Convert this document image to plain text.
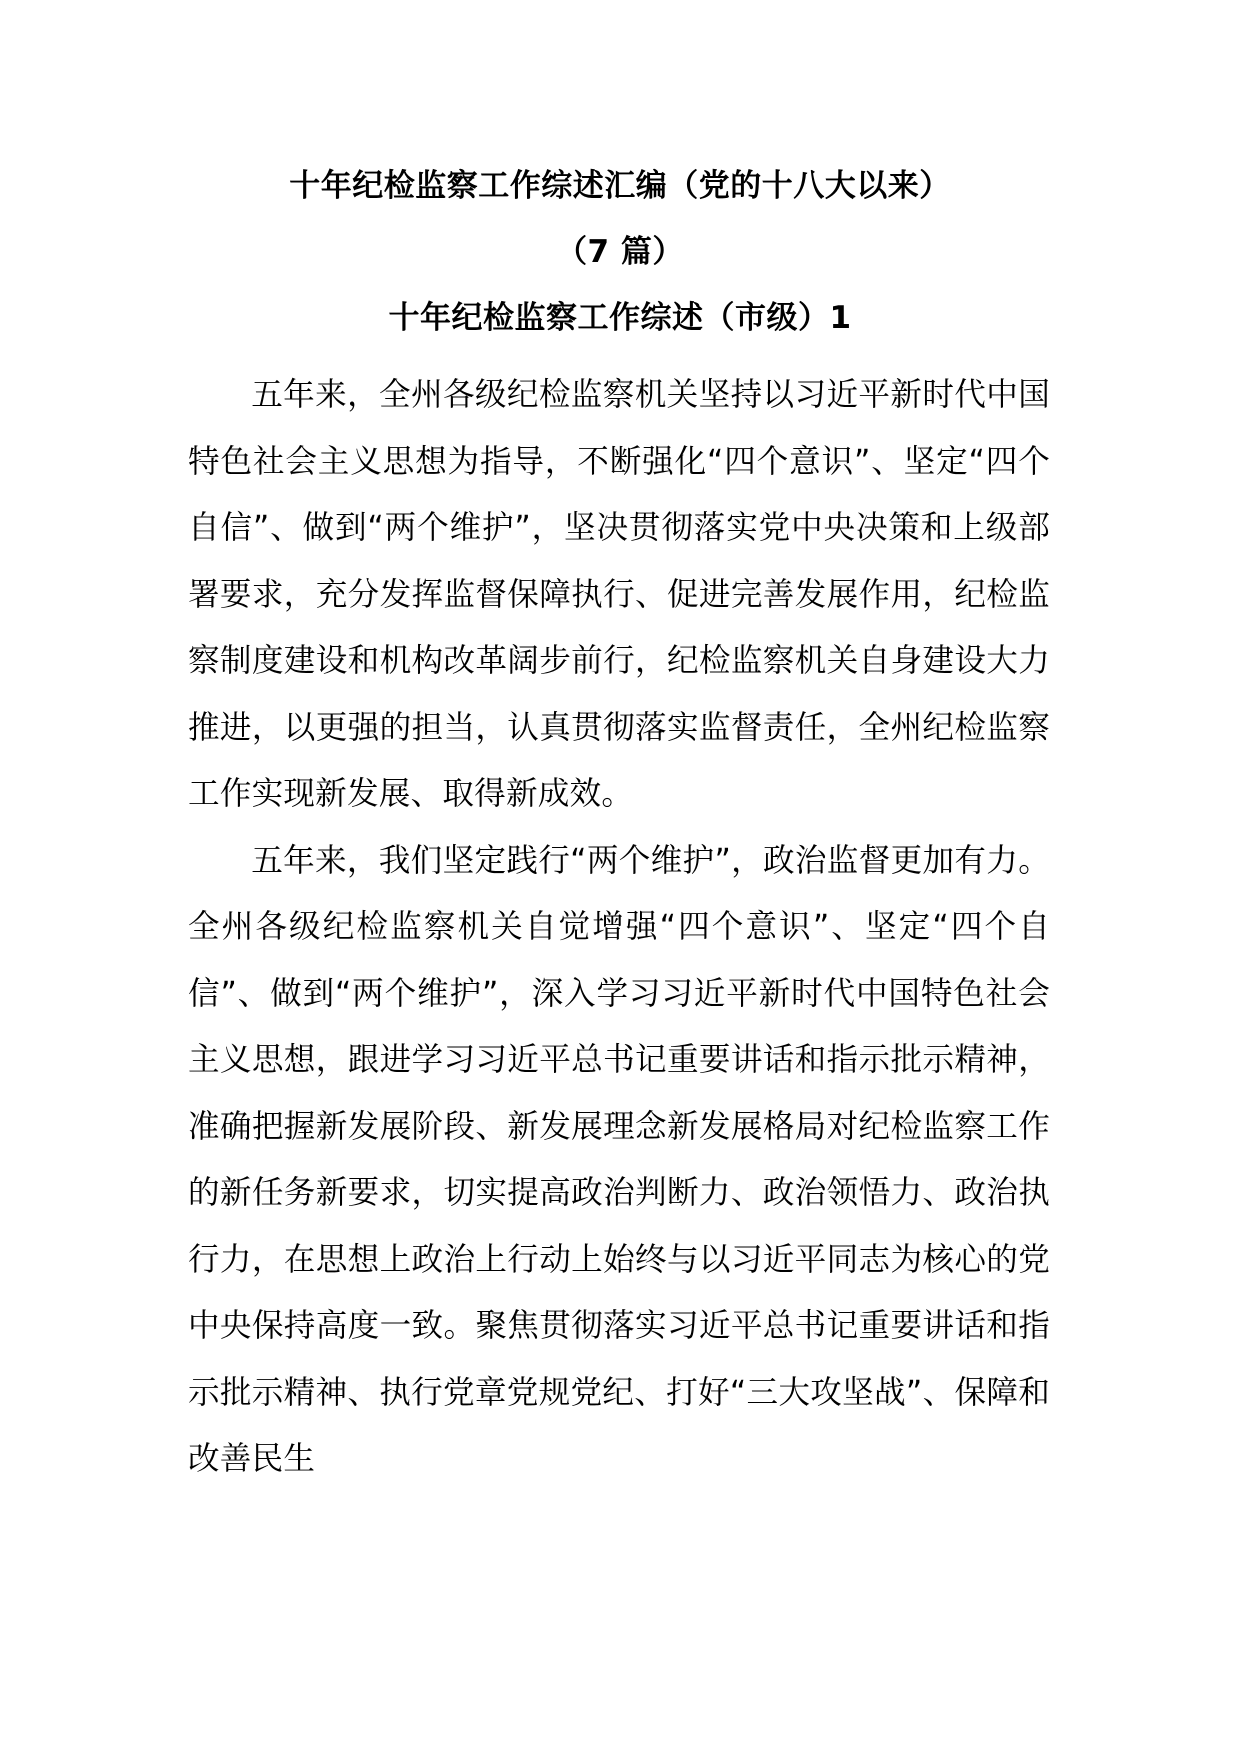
十年纪检监察工作综述汇编（党的十八大以来）
（7 篇）
十年纪检监察工作综述（市级）1

五年来，全州各级纪检监察机关坚持以习近平新时代中国特色社会主义思想为指导，不断强化“四个意识”、坚定“四个自信”、做到“两个维护”，坚决贯彻落实党中央决策和上级部署要求，充分发挥监督保障执行、促进完善发展作用，纪检监察制度建设和机构改革阔步前行，纪检监察机关自身建设大力推进，以更强的担当，认真贯彻落实监督责任，全州纪检监察工作实现新发展、取得新成效。

五年来，我们坚定践行“两个维护”，政治监督更加有力。全州各级纪检监察机关自觉增强“四个意识”、坚定“四个自信”、做到“两个维护”，深入学习习近平新时代中国特色社会主义思想，跟进学习习近平总书记重要讲话和指示批示精神，准确把握新发展阶段、新发展理念新发展格局对纪检监察工作的新任务新要求，切实提高政治判断力、政治领悟力、政治执行力，在思想上政治上行动上始终与以习近平同志为核心的党中央保持高度一致。聚焦贯彻落实习近平总书记重要讲话和指示批示精神、执行党章党规党纪、打好“三大攻坚战”、保障和改善民生
